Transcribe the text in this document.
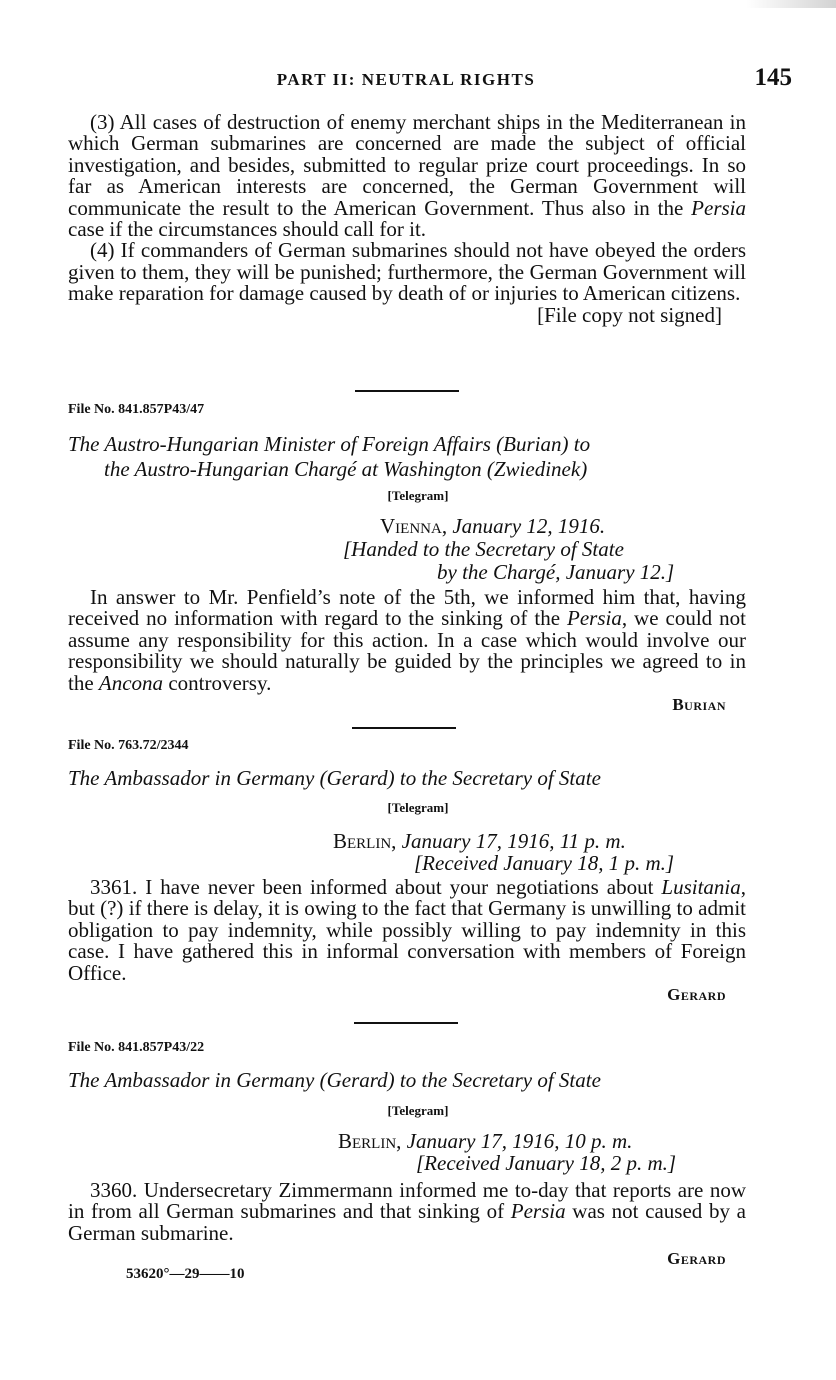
PART II: NEUTRAL RIGHTS	145

(3) All cases of destruction of enemy merchant ships in the Mediterranean in which German submarines are concerned are made the subject of official investigation, and besides, submitted to regular prize court proceedings. In so far as American interests are concerned, the German Government will communicate the result to the American Government. Thus also in the Persia case if the circumstances should call for it.

(4) If commanders of German submarines should not have obeyed the orders given to them, they will be punished; furthermore, the German Government will make reparation for damage caused by death of or injuries to American citizens.

[File copy not signed]

File No. 841.857P43/47
The Austro-Hungarian Minister of Foreign Affairs (Burian) to
the Austro-Hungarian Chargé at Washington (Zwiedinek)
[Telegram]
Vienna, January 12, 1916.
[Handed to the Secretary of State
by the Chargé, January 12.]

In answer to Mr. Penfield’s note of the 5th, we informed him that, having received no information with regard to the sinking of the Persia, we could not assume any responsibility for this action. In a case which would involve our responsibility we should naturally be guided by the principles we agreed to in the Ancona controversy.

Burian

File No. 763.72/2344
The Ambassador in Germany (Gerard) to the Secretary of State
[Telegram]
Berlin, January 17, 1916, 11 p. m.
[Received January 18, 1 p. m.]

3361. I have never been informed about your negotiations about Lusitania, but (?) if there is delay, it is owing to the fact that Germany is unwilling to admit obligation to pay indemnity, while possibly willing to pay indemnity in this case. I have gathered this in informal conversation with members of Foreign Office.

Gerard

File No. 841.857P43/22
The Ambassador in Germany (Gerard) to the Secretary of State
[Telegram]
Berlin, January 17, 1916, 10 p. m.
[Received January 18, 2 p. m.]

3360. Undersecretary Zimmermann informed me to-day that reports are now in from all German submarines and that sinking of Persia was not caused by a German submarine.

Gerard

53620°—29——10
